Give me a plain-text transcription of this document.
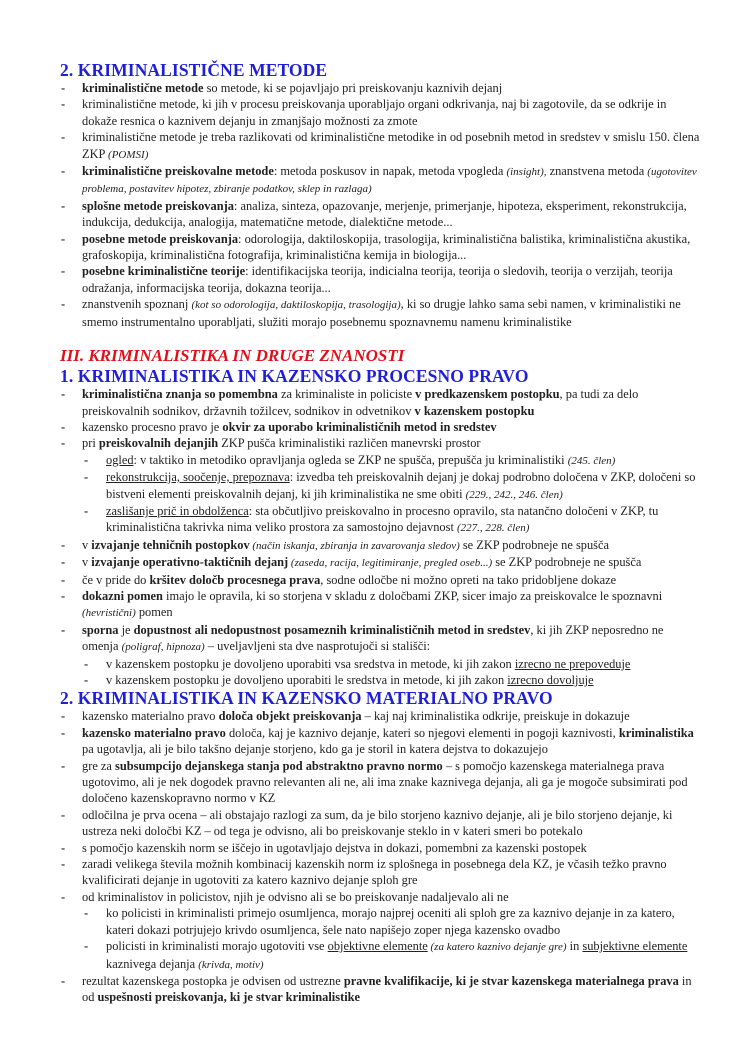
2. KRIMINALISTIČNE METODE
- kriminalistične metode so metode, ki se pojavljajo pri preiskovanju kaznivih dejanj
- kriminalistične metode, ki jih v procesu preiskovanja uporabljajo organi odkrivanja, naj bi zagotovile, da se odkrije in dokaže resnica o kaznivem dejanju in zmanjšajo možnosti za zmote
- kriminalistične metode je treba razlikovati od kriminalistične metodike in od posebnih metod in sredstev v smislu 150. člena ZKP (POMSI)
- kriminalistične preiskovalne metode: metoda poskusov in napak, metoda vpogleda (insight), znanstvena metoda (ugotovitev problema, postavitev hipotez, zbiranje podatkov, sklep in razlaga)
- splošne metode preiskovanja: analiza, sinteza, opazovanje, merjenje, primerjanje, hipoteza, eksperiment, rekonstrukcija, indukcija, dedukcija, analogija, matematične metode, dialektične metode...
- posebne metode preiskovanja: odorologija, daktiloskopija, trasologija, kriminalistična balistika, kriminalistična akustika, grafoskopija, kriminalistična fotografija, kriminalistična kemija in biologija...
- posebne kriminalistične teorije: identifikacijska teorija, indicialna teorija, teorija o sledovih, teorija o verzijah, teorija odražanja, informacijska teorija, dokazna teorija...
- znanstvenih spoznanj (kot so odorologija, daktiloskopija, trasologija), ki so drugje lahko sama sebi namen, v kriminalistiki ne smemo instrumentalno uporabljati, služiti morajo posebnemu spoznavnemu namenu kriminalistike
III. KRIMINALISTIKA IN DRUGE ZNANOSTI
1. KRIMINALISTIKA IN KAZENSKO PROCESNO PRAVO
- kriminalistična znanja so pomembna za kriminaliste in policiste v predkazenskem postopku, pa tudi za delo preiskovalnih sodnikov, državnih tožilcev, sodnikov in odvetnikov v kazenskem postopku
- kazensko procesno pravo je okvir za uporabo kriminalističnih metod in sredstev
- pri preiskovalnih dejanjih ZKP pušča kriminalistiki različen manevrski prostor
- ogled: v taktiko in metodiko opravljanja ogleda se ZKP ne spušča, prepušča ju kriminalistiki (245. člen)
- rekonstrukcija, soočenje, prepoznava: izvedba teh preiskovalnih dejanj je dokaj podrobno določena v ZKP, določeni so bistveni elementi preiskovalnih dejanj, ki jih kriminalistika ne sme obiti (229., 242., 246. člen)
- zaslišanje prič in obdolženca: sta občutljivo preiskovalno in procesno opravilo, sta natančno določeni v ZKP, tu kriminalistična takrivka nima veliko prostora za samostojno dejavnost (227., 228. člen)
- v izvajanje tehničnih postopkov (način iskanja, zbiranja in zavarovanja sledov) se ZKP podrobneje ne spušča
- v izvajanje operativno-taktičnih dejanj (zaseda, racija, legitimiranje, pregled oseb...) se ZKP podrobneje ne spušča
- če v pride do kršitev določb procesnega prava, sodne odločbe ni možno opreti na tako pridobljene dokaze
- dokazni pomen imajo le opravila, ki so storjena v skladu z določbami ZKP, sicer imajo za preiskovalce le spoznavni (hevristični) pomen
- sporna je dopustnost ali nedopustnost posameznih kriminalističnih metod in sredstev, ki jih ZKP neposredno ne omenja (poligraf, hipnoza) – uveljavljeni sta dve nasprotujoči si stališči:
- v kazenskem postopku je dovoljeno uporabiti vsa sredstva in metode, ki jih zakon izrecno ne prepoveduje
- v kazenskem postopku je dovoljeno uporabiti le sredstva in metode, ki jih zakon izrecno dovoljuje
2. KRIMINALISTIKA IN KAZENSKO MATERIALNO PRAVO
- kazensko materialno pravo določa objekt preiskovanja – kaj naj kriminalistika odkrije, preiskuje in dokazuje
- kazensko materialno pravo določa, kaj je kaznivo dejanje, kateri so njegovi elementi in pogoji kaznivosti, kriminalistika pa ugotavlja, ali je bilo takšno dejanje storjeno, kdo ga je storil in katera dejstva to dokazujejo
- gre za subsumpcijo dejanskega stanja pod abstraktno pravno normo – s pomočjo kazenskega materialnega prava ugotovimo, ali je nek dogodek pravno relevanten ali ne, ali ima znake kaznivega dejanja, ali ga je mogoče subsimirati pod določeno kazenskopravno normo v KZ
- odločilna je prva ocena – ali obstajajo razlogi za sum, da je bilo storjeno kaznivo dejanje, ali je bilo storjeno dejanje, ki ustreza neki določbi KZ – od tega je odvisno, ali bo preiskovanje steklo in v kateri smeri bo potekalo
- s pomočjo kazenskih norm se iščejo in ugotavljajo dejstva in dokazi, pomembni za kazenski postopek
- zaradi velikega števila možnih kombinacij kazenskih norm iz splošnega in posebnega dela KZ, je včasih težko pravno kvalificirati dejanje in ugotoviti za katero kaznivo dejanje sploh gre
- od kriminalistov in policistov, njih je odvisno ali se bo preiskovanje nadaljevalo ali ne
- ko policisti in kriminalisti primejo osumljenca, morajo najprej oceniti ali sploh gre za kaznivo dejanje in za katero, kateri dokazi potrjujejo krivdo osumljenca, šele nato napišejo zoper njega kazensko ovadbo
- policisti in kriminalisti morajo ugotoviti vse objektivne elemente (za katero kaznivo dejanje gre) in subjektivne elemente kaznivega dejanja (krivda, motiv)
- rezultat kazenskega postopka je odvisen od ustrezne pravne kvalifikacije, ki je stvar kazenskega materialnega prava in od uspešnosti preiskovanja, ki je stvar kriminalistike
